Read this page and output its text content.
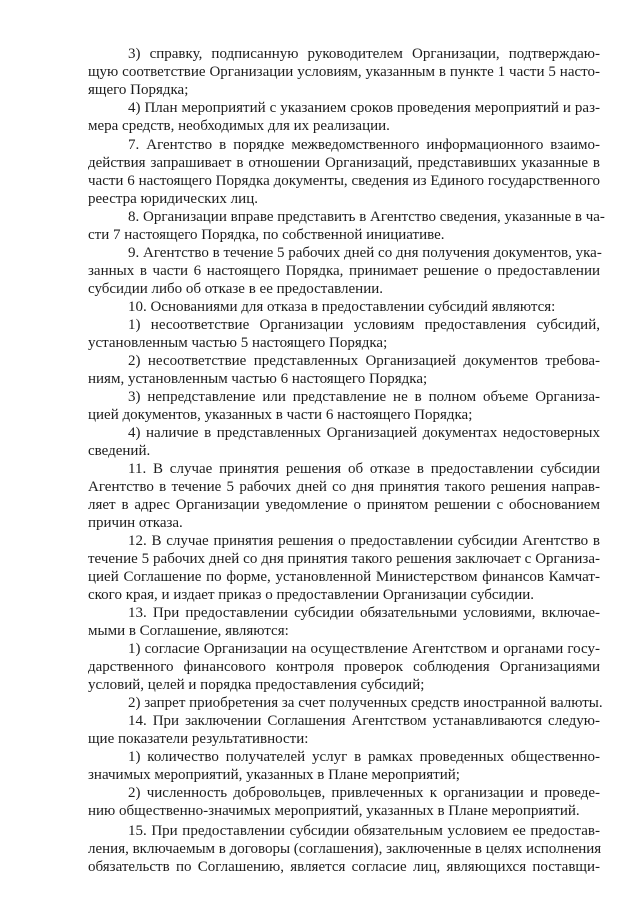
3) справку, подписанную руководителем Организации, подтверждаю-
щую соответствие Организации условиям, указанным в пункте 1 части 5 насто-
ящего Порядка;
4) План мероприятий с указанием сроков проведения мероприятий и раз-
мера средств, необходимых для их реализации.
7. Агентство в порядке межведомственного информационного взаимо-
действия запрашивает в отношении Организаций, представивших указанные в
части 6 настоящего Порядка документы, сведения из Единого государственного
реестра юридических лиц.
8. Организации вправе представить в Агентство сведения, указанные в ча-
сти 7 настоящего Порядка, по собственной инициативе.
9. Агентство в течение 5 рабочих дней со дня получения документов, ука-
занных в части 6 настоящего Порядка, принимает решение о предоставлении
субсидии либо об отказе в ее предоставлении.
10. Основаниями для отказа в предоставлении субсидий являются:
1) несоответствие Организации условиям предоставления субсидий,
установленным частью 5 настоящего Порядка;
2) несоответствие представленных Организацией документов требова-
ниям, установленным частью 6 настоящего Порядка;
3) непредставление или представление не в полном объеме Организа-
цией документов, указанных в части 6 настоящего Порядка;
4) наличие в представленных Организацией документах недостоверных
сведений.
11. В случае принятия решения об отказе в предоставлении субсидии
Агентство в течение 5 рабочих дней со дня принятия такого решения направ-
ляет в адрес Организации уведомление о принятом решении с обоснованием
причин отказа.
12. В случае принятия решения о предоставлении субсидии Агентство в
течение 5 рабочих дней со дня принятия такого решения заключает с Организа-
цией Соглашение по форме, установленной Министерством финансов Камчат-
ского края, и издает приказ о предоставлении Организации субсидии.
13. При предоставлении субсидии обязательными условиями, включае-
мыми в Соглашение, являются:
1) согласие Организации на осуществление Агентством и органами госу-
дарственного финансового контроля проверок соблюдения Организациями
условий, целей и порядка предоставления субсидий;
2) запрет приобретения за счет полученных средств иностранной валюты.
14. При заключении Соглашения Агентством устанавливаются следую-
щие показатели результативности:
1) количество получателей услуг в рамках проведенных общественно-
значимых мероприятий, указанных в Плане мероприятий;
2) численность добровольцев, привлеченных к организации и проведе-
нию общественно-значимых мероприятий, указанных в Плане мероприятий.
15. При предоставлении субсидии обязательным условием ее предостав-
ления, включаемым в договоры (соглашения), заключенные в целях исполнения
обязательств по Соглашению, является согласие лиц, являющихся поставщи-
